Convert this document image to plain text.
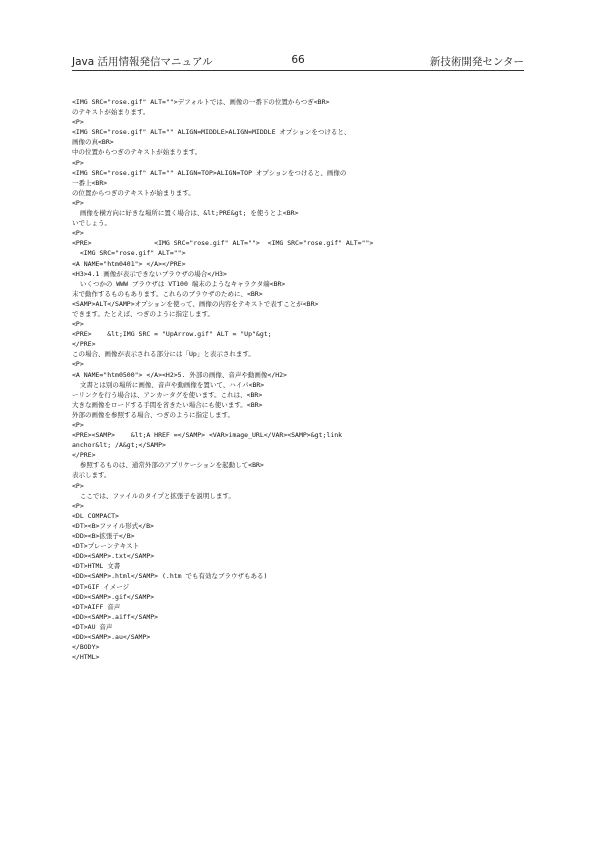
Java 活用情報発信マニュアル	66	新技術開発センター
<IMG SRC="rose.gif" ALT="">デフォルトでは、画像の一番下の位置からつぎ<BR>
のテキストが始まります。
<P>
<IMG SRC="rose.gif" ALT="" ALIGN=MIDDLE>ALIGN=MIDDLE オプションをつけると、
画像の真<BR>
中の位置からつぎのテキストが始まります。
<P>
<IMG SRC="rose.gif" ALT="" ALIGN=TOP>ALIGN=TOP オプションをつけると、画像の
一番上<BR>
の位置からつぎのテキストが始まります。
<P>
画像を横方向に好きな場所に置く場合は、&lt;PRE&gt; を使うとよ<BR>
いでしょう。
<P>
<PRE>                <IMG SRC="rose.gif" ALT="">  <IMG SRC="rose.gif" ALT="">
<IMG SRC="rose.gif" ALT="">
<A NAME="htm0401"> </A></PRE>
<H3>4.1 画像が表示できないブラウザの場合</H3>
いくつかの WWW ブラウザは VT100 端末のようなキャラクタ端<BR>
末で動作するものもあります。これらのブラウザのために、<BR>
<SAMP>ALT</SAMP>オプションを使って、画像の内容をテキストで表すことが<BR>
できます。たとえば、つぎのように指定します。
<P>
<PRE>    &lt;IMG SRC = "UpArrow.gif" ALT = "Up"&gt;
</PRE>
この場合、画像が表示される部分には「Up」と表示されます。
<P>
<A NAME="htm0500"> </A><H2>5. 外部の画像、音声や動画像</H2>
文書とは別の場所に画像、音声や動画像を置いて、ハイパ<BR>
ーリンクを行う場合は、アンカータグを使います。これは、<BR>
大きな画像をロードする手間を省きたい場合にも使います。<BR>
外部の画像を参照する場合、つぎのように指定します。
<P>
<PRE><SAMP>    &lt;A HREF =</SAMP> <VAR>image_URL</VAR><SAMP>&gt;link
anchor&lt; /A&gt;</SAMP>
</PRE>
参照するものは、通常外部のアプリケーションを起動して<BR>
表示します。
<P>
ここでは、ファイルのタイプと拡張子を説明します。
<P>
<DL COMPACT>
<DT><B>ファイル形式</B>
<DD><B>拡張子</B>
<DT>プレーンテキスト
<DD><SAMP>.txt</SAMP>
<DT>HTML 文書
<DD><SAMP>.html</SAMP> (.htm でも有効なブラウザもある)
<DT>GIF イメージ
<DD><SAMP>.gif</SAMP>
<DT>AIFF 音声
<DD><SAMP>.aiff</SAMP>
<DT>AU 音声
<DD><SAMP>.au</SAMP>
</BODY>
</HTML>
